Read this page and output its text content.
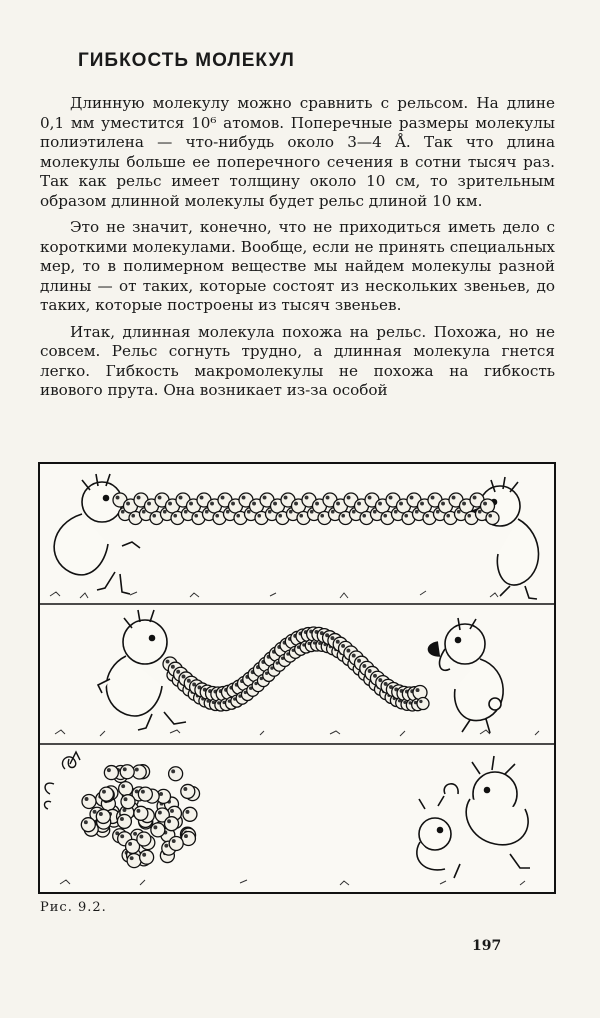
ГИБКОСТЬ МОЛЕКУЛ

Длинную молекулу можно сравнить с рельсом. На длине 0,1 мм уместится 10⁶ атомов. Поперечные размеры молекулы полиэтилена — что-нибудь около 3—4 Å. Так что длина молекулы больше ее поперечного сечения в сотни тысяч раз. Так как рельс имеет толщину около 10 см, то зрительным образом длинной молекулы будет рельс длиной 10 км.

Это не значит, конечно, что не приходиться иметь дело с короткими молекулами. Вообще, если не принять специальных мер, то в полимерном веществе мы найдем молекулы разной длины — от таких, которые состоят из нескольких звеньев, до таких, которые построены из тысяч звеньев.

Итак, длинная молекула похожа на рельс. Похожа, но не совсем. Рельс согнуть трудно, а длинная молекула гнется легко. Гибкость макромолекулы не похожа на гибкость ивового прута. Она возникает из-за особой

Рис. 9.2.
197
